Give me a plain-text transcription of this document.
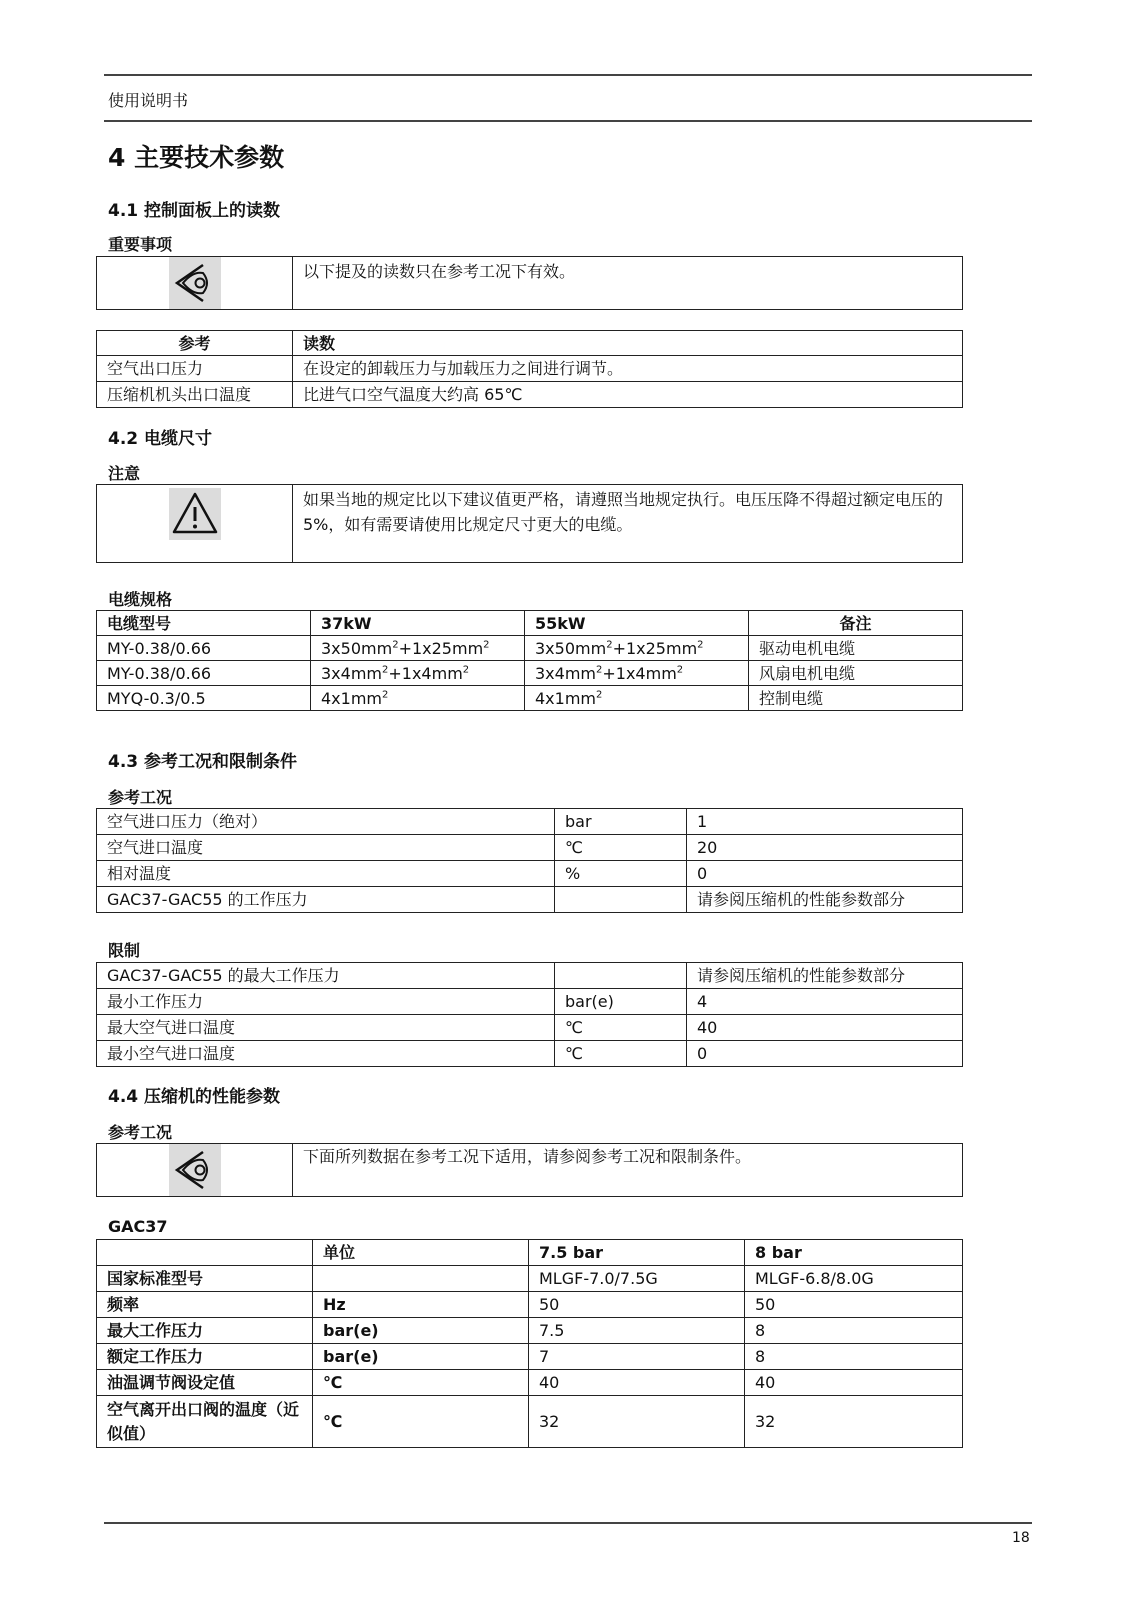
使用说明书
4 主要技术参数
4.1 控制面板上的读数
重要事项
	以下提及的读数只在参考工况下有效。
参考	读数
空气出口压力	在设定的卸载压力与加载压力之间进行调节。
压缩机机头出口温度	比进气口空气温度大约高 65℃
4.2 电缆尺寸
注意
	如果当地的规定比以下建议值更严格，请遵照当地规定执行。电压压降不得超过额定电压的 5%，如有需要请使用比规定尺寸更大的电缆。
电缆规格
电缆型号	37kW	55kW	备注
MY-0.38/0.66	$3x50mm^2+1x25mm^2$	$3x50mm^2+1x25mm^2$	驱动电机电缆
MY-0.38/0.66	$3x4mm^2+1x4mm^2$	$3x4mm^2+1x4mm^2$	风扇电机电缆
MYQ-0.3/0.5	$4x1mm^2$	$4x1mm^2$	控制电缆
4.3 参考工况和限制条件
参考工况
空气进口压力（绝对）	bar	1
空气进口温度	℃	20
相对温度	%	0
GAC37-GAC55 的工作压力		请参阅压缩机的性能参数部分
限制
GAC37-GAC55 的最大工作压力		请参阅压缩机的性能参数部分
最小工作压力	bar(e)	4
最大空气进口温度	℃	40
最小空气进口温度	℃	0
4.4 压缩机的性能参数
参考工况
	下面所列数据在参考工况下适用，请参阅参考工况和限制条件。
GAC37
	单位	7.5 bar	8 bar
国家标准型号		MLGF-7.0/7.5G	MLGF-6.8/8.0G
频率	Hz	50	50
最大工作压力	bar(e)	7.5	8
额定工作压力	bar(e)	7	8
油温调节阀设定值	℃	40	40
空气离开出口阀的温度（近似值）	℃	32	32
18
